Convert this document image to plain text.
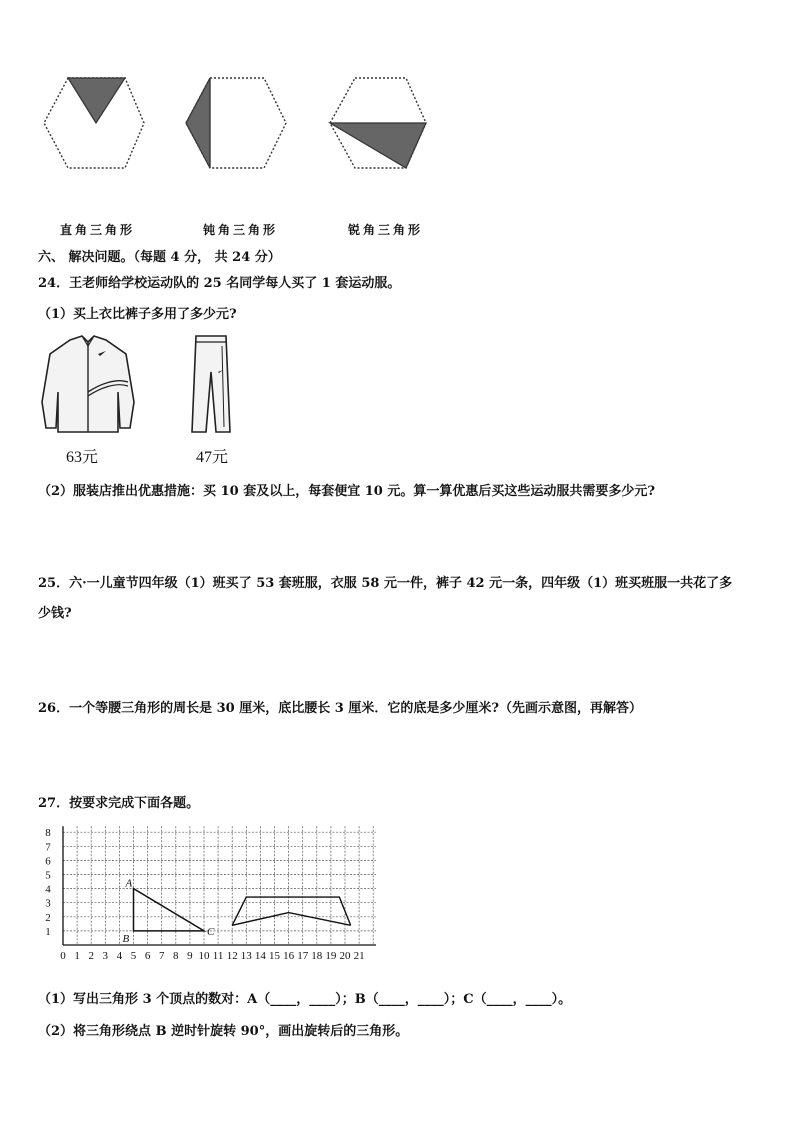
直角三角形	钝角三角形	锐角三角形
六、 解决问题。（每题 4 分， 共 24 分）
24．王老师给学校运动队的 25 名同学每人买了 1 套运动服。
（1）买上衣比裤子多用了多少元?
63元	47元
（2）服装店推出优惠措施：买 10 套及以上，每套便宜 10 元。算一算优惠后买这些运动服共需要多少元?
25．六·一儿童节四年级（1）班买了 53 套班服，衣服 58 元一件，裤子 42 元一条，四年级（1）班买班服一共花了多
少钱?
26．一个等腰三角形的周长是 30 厘米，底比腰长 3 厘米．它的底是多少厘米?（先画示意图，再解答）
27．按要求完成下面各题。
0 1 2 3 4 5 6 7 8 9 10 11 12 13 14 15 16 17 18 19 20 21
1
2
3
4
5
6
7
8
A
B
C
（1）写出三角形 3 个顶点的数对：A（____，____）；B（____，____）；C（____，____）。
（2）将三角形绕点 B 逆时针旋转 90°，画出旋转后的三角形。
